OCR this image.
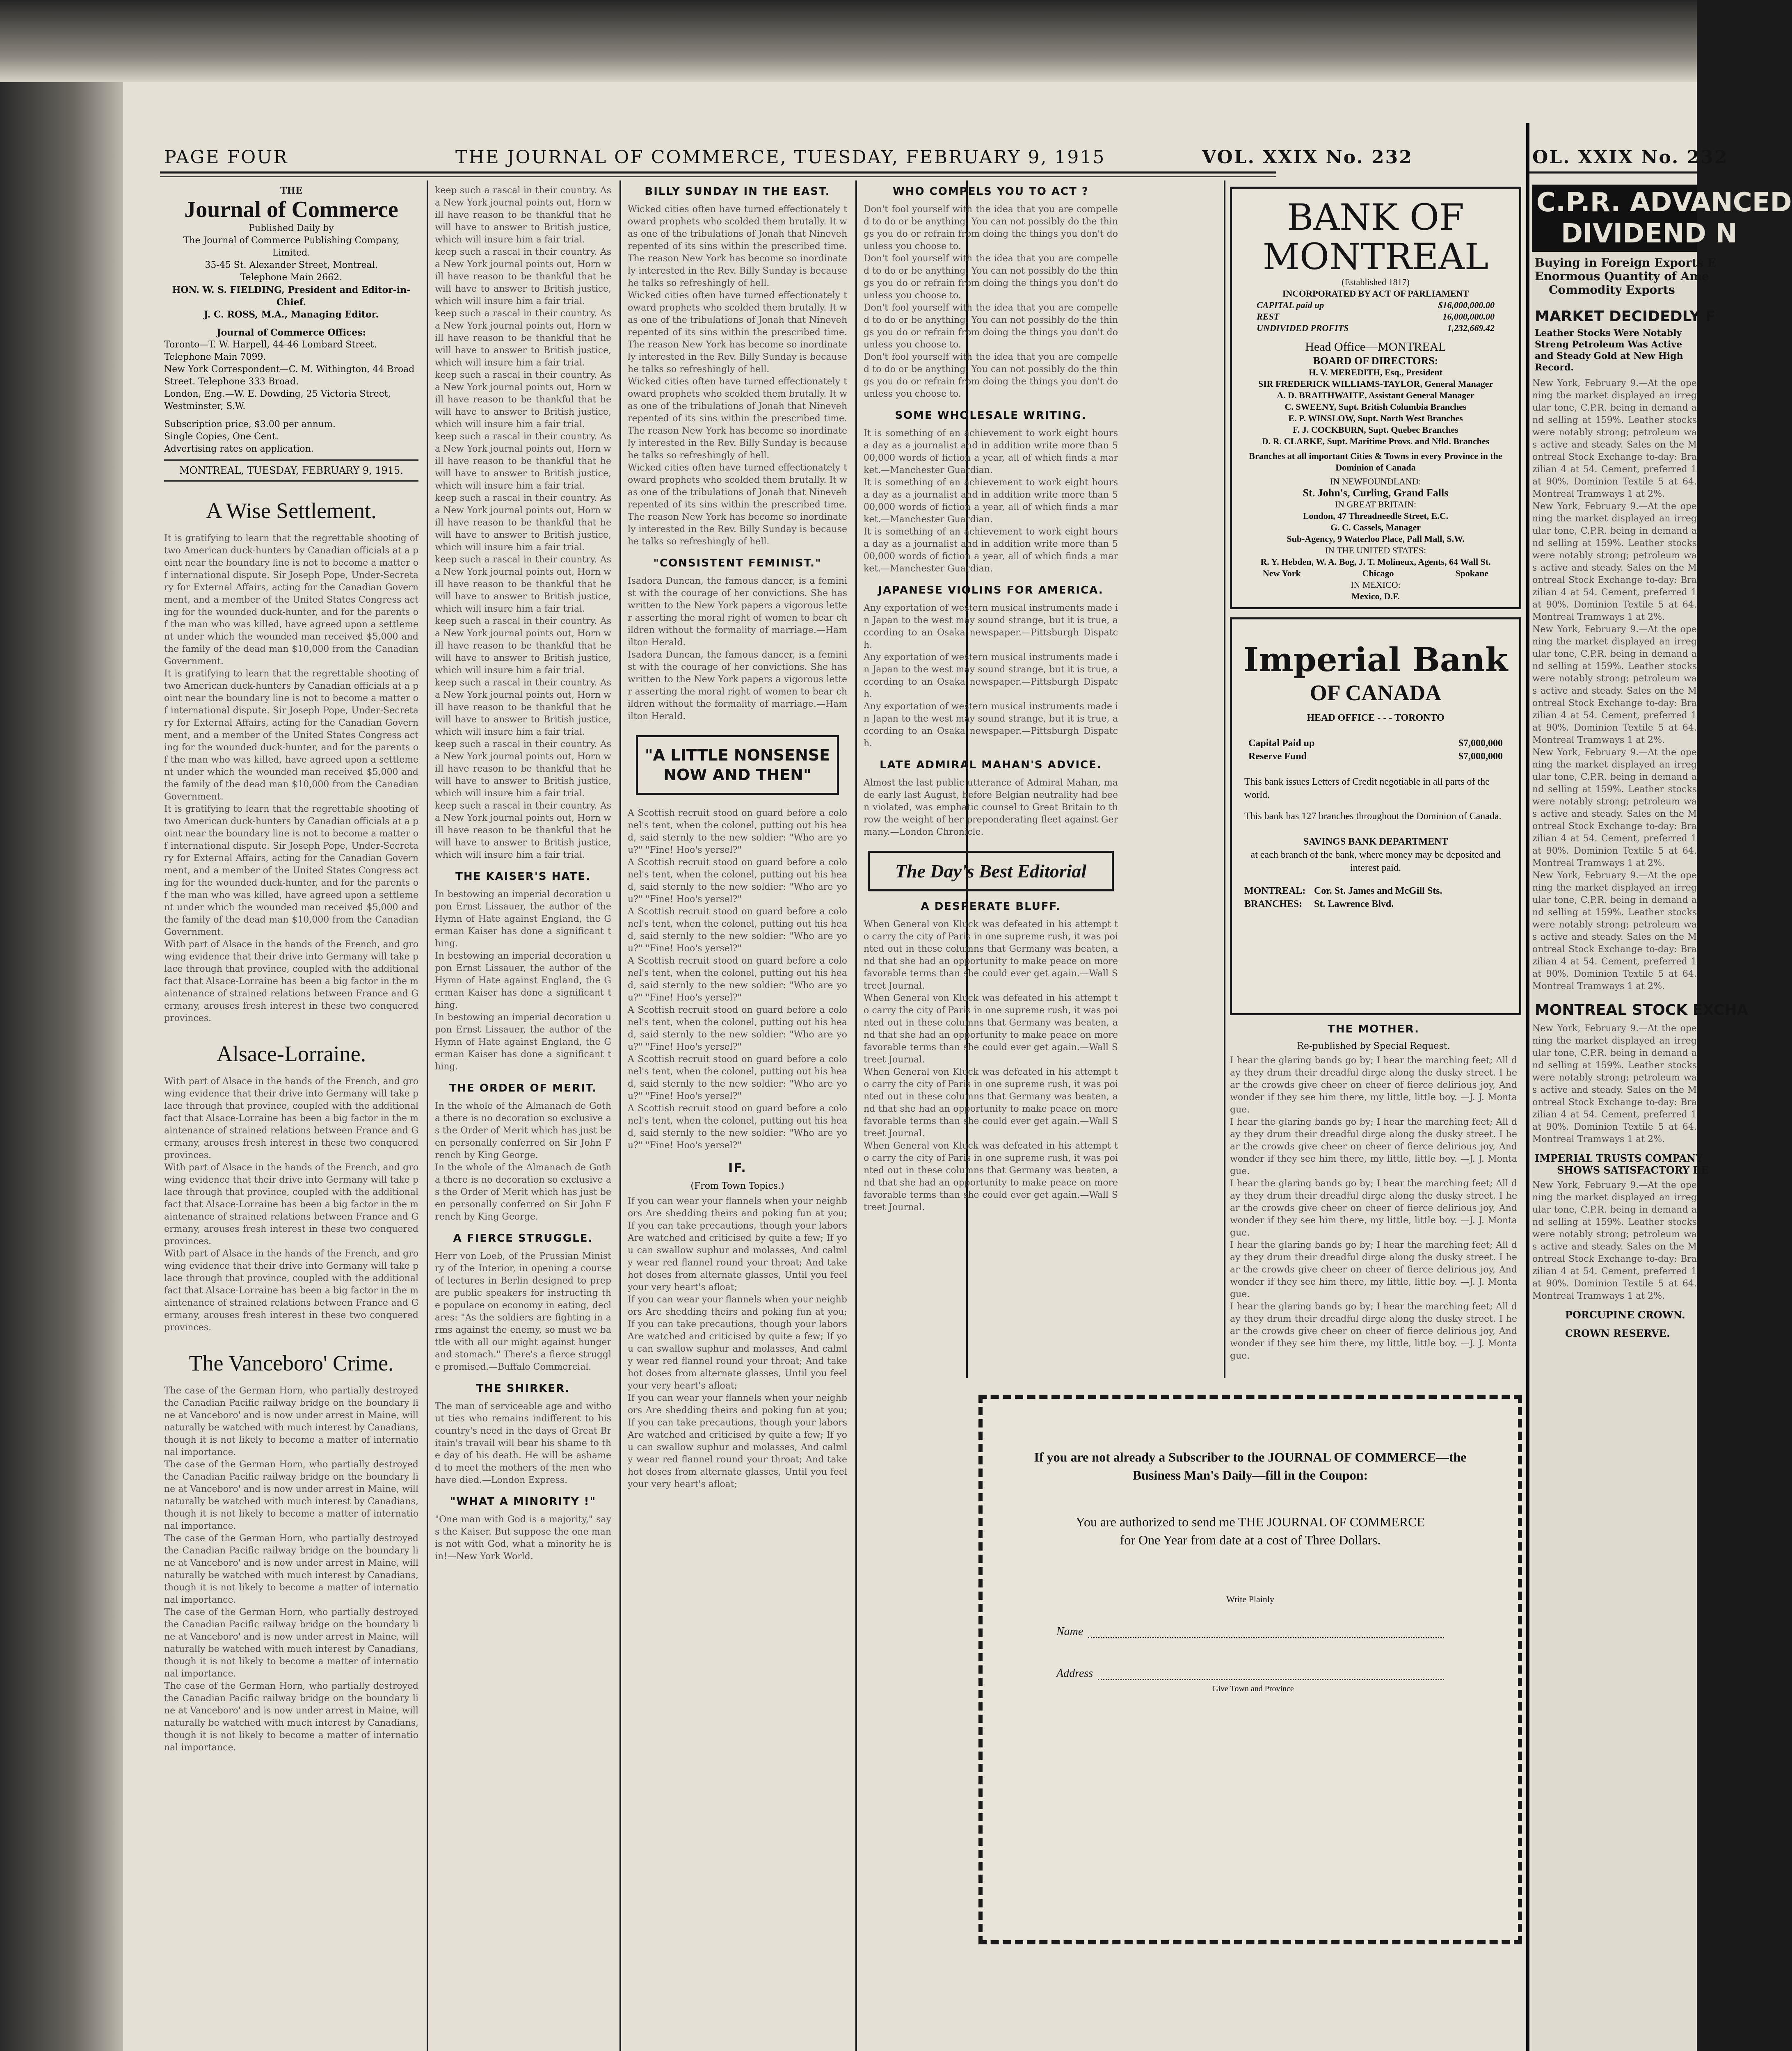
PAGE FOUR	THE JOURNAL OF COMMERCE, TUESDAY, FEBRUARY 9, 1915	VOL. XXIX No. 232	OL. XXIX No. 232

THE

Journal of Commerce

Published Daily by

The Journal of Commerce Publishing Company, Limited.

35-45 St. Alexander Street, Montreal.

Telephone Main 2662.

HON. W. S. FIELDING, President and Editor-in-Chief.

J. C. ROSS, M.A., Managing Editor.

Journal of Commerce Offices:

Toronto—T. W. Harpell, 44-46 Lombard Street. Telephone Main 7099.

New York Correspondent—C. M. Withington, 44 Broad Street. Telephone 333 Broad.

London, Eng.—W. E. Dowding, 25 Victoria Street, Westminster, S.W.

Subscription price, $3.00 per annum.

Single Copies, One Cent.

Advertising rates on application.

MONTREAL, TUESDAY, FEBRUARY 9, 1915.

A Wise Settlement.

It is gratifying to learn that the regrettable shooting of two American duck-hunters by Canadian officials at a point near the boundary line is not to become a matter of international dispute. Sir Joseph Pope, Under-Secretary for External Affairs, acting for the Canadian Government, and a member of the United States Congress acting for the wounded duck-hunter, and for the parents of the man who was killed, have agreed upon a settlement under which the wounded man received $5,000 and the family of the dead man $10,000 from the Canadian Government.

It is gratifying to learn that the regrettable shooting of two American duck-hunters by Canadian officials at a point near the boundary line is not to become a matter of international dispute. Sir Joseph Pope, Under-Secretary for External Affairs, acting for the Canadian Government, and a member of the United States Congress acting for the wounded duck-hunter, and for the parents of the man who was killed, have agreed upon a settlement under which the wounded man received $5,000 and the family of the dead man $10,000 from the Canadian Government.

It is gratifying to learn that the regrettable shooting of two American duck-hunters by Canadian officials at a point near the boundary line is not to become a matter of international dispute. Sir Joseph Pope, Under-Secretary for External Affairs, acting for the Canadian Government, and a member of the United States Congress acting for the wounded duck-hunter, and for the parents of the man who was killed, have agreed upon a settlement under which the wounded man received $5,000 and the family of the dead man $10,000 from the Canadian Government.

With part of Alsace in the hands of the French, and growing evidence that their drive into Germany will take place through that province, coupled with the additional fact that Alsace-Lorraine has been a big factor in the maintenance of strained relations between France and Germany, arouses fresh interest in these two conquered provinces.

Alsace-Lorraine.

With part of Alsace in the hands of the French, and growing evidence that their drive into Germany will take place through that province, coupled with the additional fact that Alsace-Lorraine has been a big factor in the maintenance of strained relations between France and Germany, arouses fresh interest in these two conquered provinces.

With part of Alsace in the hands of the French, and growing evidence that their drive into Germany will take place through that province, coupled with the additional fact that Alsace-Lorraine has been a big factor in the maintenance of strained relations between France and Germany, arouses fresh interest in these two conquered provinces.

With part of Alsace in the hands of the French, and growing evidence that their drive into Germany will take place through that province, coupled with the additional fact that Alsace-Lorraine has been a big factor in the maintenance of strained relations between France and Germany, arouses fresh interest in these two conquered provinces.

The Vanceboro' Crime.

The case of the German Horn, who partially destroyed the Canadian Pacific railway bridge on the boundary line at Vanceboro' and is now under arrest in Maine, will naturally be watched with much interest by Canadians, though it is not likely to become a matter of international importance.

The case of the German Horn, who partially destroyed the Canadian Pacific railway bridge on the boundary line at Vanceboro' and is now under arrest in Maine, will naturally be watched with much interest by Canadians, though it is not likely to become a matter of international importance.

The case of the German Horn, who partially destroyed the Canadian Pacific railway bridge on the boundary line at Vanceboro' and is now under arrest in Maine, will naturally be watched with much interest by Canadians, though it is not likely to become a matter of international importance.

The case of the German Horn, who partially destroyed the Canadian Pacific railway bridge on the boundary line at Vanceboro' and is now under arrest in Maine, will naturally be watched with much interest by Canadians, though it is not likely to become a matter of international importance.

The case of the German Horn, who partially destroyed the Canadian Pacific railway bridge on the boundary line at Vanceboro' and is now under arrest in Maine, will naturally be watched with much interest by Canadians, though it is not likely to become a matter of international importance.

keep such a rascal in their country. As a New York journal points out, Horn will have reason to be thankful that he will have to answer to British justice, which will insure him a fair trial.

keep such a rascal in their country. As a New York journal points out, Horn will have reason to be thankful that he will have to answer to British justice, which will insure him a fair trial.

keep such a rascal in their country. As a New York journal points out, Horn will have reason to be thankful that he will have to answer to British justice, which will insure him a fair trial.

keep such a rascal in their country. As a New York journal points out, Horn will have reason to be thankful that he will have to answer to British justice, which will insure him a fair trial.

keep such a rascal in their country. As a New York journal points out, Horn will have reason to be thankful that he will have to answer to British justice, which will insure him a fair trial.

keep such a rascal in their country. As a New York journal points out, Horn will have reason to be thankful that he will have to answer to British justice, which will insure him a fair trial.

keep such a rascal in their country. As a New York journal points out, Horn will have reason to be thankful that he will have to answer to British justice, which will insure him a fair trial.

keep such a rascal in their country. As a New York journal points out, Horn will have reason to be thankful that he will have to answer to British justice, which will insure him a fair trial.

keep such a rascal in their country. As a New York journal points out, Horn will have reason to be thankful that he will have to answer to British justice, which will insure him a fair trial.

keep such a rascal in their country. As a New York journal points out, Horn will have reason to be thankful that he will have to answer to British justice, which will insure him a fair trial.

keep such a rascal in their country. As a New York journal points out, Horn will have reason to be thankful that he will have to answer to British justice, which will insure him a fair trial.

THE KAISER'S HATE.

In bestowing an imperial decoration upon Ernst Lissauer, the author of the Hymn of Hate against England, the German Kaiser has done a significant thing.

In bestowing an imperial decoration upon Ernst Lissauer, the author of the Hymn of Hate against England, the German Kaiser has done a significant thing.

In bestowing an imperial decoration upon Ernst Lissauer, the author of the Hymn of Hate against England, the German Kaiser has done a significant thing.

THE ORDER OF MERIT.

In the whole of the Almanach de Gotha there is no decoration so exclusive as the Order of Merit which has just been personally conferred on Sir John French by King George.

In the whole of the Almanach de Gotha there is no decoration so exclusive as the Order of Merit which has just been personally conferred on Sir John French by King George.

A FIERCE STRUGGLE.

Herr von Loeb, of the Prussian Ministry of the Interior, in opening a course of lectures in Berlin designed to prepare public speakers for instructing the populace on economy in eating, declares: "As the soldiers are fighting in arms against the enemy, so must we battle with all our might against hunger and stomach." There's a fierce struggle promised.—Buffalo Commercial.

THE SHIRKER.

The man of serviceable age and without ties who remains indifferent to his country's need in the days of Great Britain's travail will bear his shame to the day of his death. He will be ashamed to meet the mothers of the men who have died.—London Express.

"WHAT A MINORITY !"

"One man with God is a majority," says the Kaiser. But suppose the one man is not with God, what a minority he is in!—New York World.

BILLY SUNDAY IN THE EAST.

Wicked cities often have turned effectionately toward prophets who scolded them brutally. It was one of the tribulations of Jonah that Nineveh repented of its sins within the prescribed time. The reason New York has become so inordinately interested in the Rev. Billy Sunday is because he talks so refreshingly of hell.

Wicked cities often have turned effectionately toward prophets who scolded them brutally. It was one of the tribulations of Jonah that Nineveh repented of its sins within the prescribed time. The reason New York has become so inordinately interested in the Rev. Billy Sunday is because he talks so refreshingly of hell.

Wicked cities often have turned effectionately toward prophets who scolded them brutally. It was one of the tribulations of Jonah that Nineveh repented of its sins within the prescribed time. The reason New York has become so inordinately interested in the Rev. Billy Sunday is because he talks so refreshingly of hell.

Wicked cities often have turned effectionately toward prophets who scolded them brutally. It was one of the tribulations of Jonah that Nineveh repented of its sins within the prescribed time. The reason New York has become so inordinately interested in the Rev. Billy Sunday is because he talks so refreshingly of hell.

"CONSISTENT FEMINIST."

Isadora Duncan, the famous dancer, is a feminist with the courage of her convictions. She has written to the New York papers a vigorous letter asserting the moral right of women to bear children without the formality of marriage.—Hamilton Herald.

Isadora Duncan, the famous dancer, is a feminist with the courage of her convictions. She has written to the New York papers a vigorous letter asserting the moral right of women to bear children without the formality of marriage.—Hamilton Herald.

"A LITTLE NONSENSE NOW AND THEN"

A Scottish recruit stood on guard before a colonel's tent, when the colonel, putting out his head, said sternly to the new soldier: "Who are you?" "Fine! Hoo's yersel?"

A Scottish recruit stood on guard before a colonel's tent, when the colonel, putting out his head, said sternly to the new soldier: "Who are you?" "Fine! Hoo's yersel?"

A Scottish recruit stood on guard before a colonel's tent, when the colonel, putting out his head, said sternly to the new soldier: "Who are you?" "Fine! Hoo's yersel?"

A Scottish recruit stood on guard before a colonel's tent, when the colonel, putting out his head, said sternly to the new soldier: "Who are you?" "Fine! Hoo's yersel?"

A Scottish recruit stood on guard before a colonel's tent, when the colonel, putting out his head, said sternly to the new soldier: "Who are you?" "Fine! Hoo's yersel?"

A Scottish recruit stood on guard before a colonel's tent, when the colonel, putting out his head, said sternly to the new soldier: "Who are you?" "Fine! Hoo's yersel?"

A Scottish recruit stood on guard before a colonel's tent, when the colonel, putting out his head, said sternly to the new soldier: "Who are you?" "Fine! Hoo's yersel?"

IF.

(From Town Topics.)

If you can wear your flannels when your neighbors Are shedding theirs and poking fun at you; If you can take precautions, though your labors Are watched and criticised by quite a few; If you can swallow suphur and molasses, And calmly wear red flannel round your throat; And take hot doses from alternate glasses, Until you feel your very heart's afloat;

If you can wear your flannels when your neighbors Are shedding theirs and poking fun at you; If you can take precautions, though your labors Are watched and criticised by quite a few; If you can swallow suphur and molasses, And calmly wear red flannel round your throat; And take hot doses from alternate glasses, Until you feel your very heart's afloat;

If you can wear your flannels when your neighbors Are shedding theirs and poking fun at you; If you can take precautions, though your labors Are watched and criticised by quite a few; If you can swallow suphur and molasses, And calmly wear red flannel round your throat; And take hot doses from alternate glasses, Until you feel your very heart's afloat;

WHO COMPELS YOU TO ACT ?

Don't fool yourself with the idea that you are compelled to do or be anything. You can not possibly do the things you do or refrain from doing the things you don't do unless you choose to.

Don't fool yourself with the idea that you are compelled to do or be anything. You can not possibly do the things you do or refrain from doing the things you don't do unless you choose to.

Don't fool yourself with the idea that you are compelled to do or be anything. You can not possibly do the things you do or refrain from doing the things you don't do unless you choose to.

Don't fool yourself with the idea that you are compelled to do or be anything. You can not possibly do the things you do or refrain from doing the things you don't do unless you choose to.

SOME WHOLESALE WRITING.

It is something of an achievement to work eight hours a day as a journalist and in addition write more than 500,000 words of fiction a year, all of which finds a market.—Manchester Guardian.

It is something of an achievement to work eight hours a day as a journalist and in addition write more than 500,000 words of fiction a year, all of which finds a market.—Manchester Guardian.

It is something of an achievement to work eight hours a day as a journalist and in addition write more than 500,000 words of fiction a year, all of which finds a market.—Manchester Guardian.

JAPANESE VIOLINS FOR AMERICA.

Any exportation of western musical instruments made in Japan to the west may sound strange, but it is true, according to an Osaka newspaper.—Pittsburgh Dispatch.

Any exportation of western musical instruments made in Japan to the west may sound strange, but it is true, according to an Osaka newspaper.—Pittsburgh Dispatch.

Any exportation of western musical instruments made in Japan to the west may sound strange, but it is true, according to an Osaka newspaper.—Pittsburgh Dispatch.

LATE ADMIRAL MAHAN'S ADVICE.

Almost the last public utterance of Admiral Mahan, made early last August, before Belgian neutrality had been violated, was emphatic counsel to Great Britain to throw the weight of her preponderating fleet against Germany.—London Chronicle.

The Day's Best Editorial

A DESPERATE BLUFF.

When General von Kluck was defeated in his attempt to carry the city of Paris in one supreme rush, it was pointed out in these columns that Germany was beaten, and that she had an opportunity to make peace on more favorable terms than she could ever get again.—Wall Street Journal.

When General von Kluck was defeated in his attempt to carry the city of Paris in one supreme rush, it was pointed out in these columns that Germany was beaten, and that she had an opportunity to make peace on more favorable terms than she could ever get again.—Wall Street Journal.

When General von Kluck was defeated in his attempt to carry the city of Paris in one supreme rush, it was pointed out in these columns that Germany was beaten, and that she had an opportunity to make peace on more favorable terms than she could ever get again.—Wall Street Journal.

When General von Kluck was defeated in his attempt to carry the city of Paris in one supreme rush, it was pointed out in these columns that Germany was beaten, and that she had an opportunity to make peace on more favorable terms than she could ever get again.—Wall Street Journal.

BANK OF

MONTREAL

(Established 1817)

INCORPORATED BY ACT OF PARLIAMENT

CAPITAL paid up	$16,000,000.00
REST	16,000,000.00
UNDIVIDED PROFITS	1,232,669.42

Head Office—MONTREAL

BOARD OF DIRECTORS:

H. V. MEREDITH, Esq., President

SIR FREDERICK WILLIAMS-TAYLOR, General Manager

A. D. BRAITHWAITE, Assistant General Manager

C. SWEENY, Supt. British Columbia Branches

E. P. WINSLOW, Supt. North West Branches

F. J. COCKBURN, Supt. Quebec Branches

D. R. CLARKE, Supt. Maritime Provs. and Nfld. Branches

Branches at all important Cities & Towns in every Province in the Dominion of Canada

IN NEWFOUNDLAND:

St. John's, Curling, Grand Falls

IN GREAT BRITAIN:

London, 47 Threadneedle Street, E.C.

G. C. Cassels, Manager

Sub-Agency, 9 Waterloo Place, Pall Mall, S.W.

IN THE UNITED STATES:

R. Y. Hebden, W. A. Bog, J. T. Molineux, Agents, 64 Wall St.

New York	Chicago	Spokane

IN MEXICO:

Mexico, D.F.

Imperial Bank

OF CANADA

HEAD OFFICE - - - TORONTO

Capital Paid up	$7,000,000
Reserve Fund	$7,000,000

This bank issues Letters of Credit negotiable in all parts of the world.

This bank has 127 branches throughout the Dominion of Canada.

SAVINGS BANK DEPARTMENT

at each branch of the bank, where money may be deposited and interest paid.

MONTREAL: Cor. St. James and McGill Sts.
BRANCHES:	St. Lawrence Blvd.
THE MOTHER.

Re-published by Special Request.

I hear the glaring bands go by; I hear the marching feet; All day they drum their dreadful dirge along the dusky street. I hear the crowds give cheer on cheer of fierce delirious joy, And wonder if they see him there, my little, little boy. —J. J. Montague.

I hear the glaring bands go by; I hear the marching feet; All day they drum their dreadful dirge along the dusky street. I hear the crowds give cheer on cheer of fierce delirious joy, And wonder if they see him there, my little, little boy. —J. J. Montague.

I hear the glaring bands go by; I hear the marching feet; All day they drum their dreadful dirge along the dusky street. I hear the crowds give cheer on cheer of fierce delirious joy, And wonder if they see him there, my little, little boy. —J. J. Montague.

I hear the glaring bands go by; I hear the marching feet; All day they drum their dreadful dirge along the dusky street. I hear the crowds give cheer on cheer of fierce delirious joy, And wonder if they see him there, my little, little boy. —J. J. Montague.

I hear the glaring bands go by; I hear the marching feet; All day they drum their dreadful dirge along the dusky street. I hear the crowds give cheer on cheer of fierce delirious joy, And wonder if they see him there, my little, little boy. —J. J. Montague.

If you are not already a Subscriber to the JOURNAL OF COMMERCE—the

Business Man's Daily—fill in the Coupon:

You are authorized to send me THE JOURNAL OF COMMERCE

for One Year from date at a cost of Three Dollars.

Write Plainly

Name
Address

Give Town and Province

C.P.R. ADVANCED
DIVIDEND N

Buying in Foreign Exports E

Enormous Quantity of Ame

Commodity Exports

MARKET DECIDEDLY F

Leather Stocks Were Notably Streng Petroleum Was Active and Steady Gold at New High Record.

New York, February 9.—At the opening the market displayed an irregular tone, C.P.R. being in demand and selling at 159%. Leather stocks were notably strong; petroleum was active and steady. Sales on the Montreal Stock Exchange to-day: Brazilian 4 at 54. Cement, preferred 1 at 90%. Dominion Textile 5 at 64. Montreal Tramways 1 at 2%.

New York, February 9.—At the opening the market displayed an irregular tone, C.P.R. being in demand and selling at 159%. Leather stocks were notably strong; petroleum was active and steady. Sales on the Montreal Stock Exchange to-day: Brazilian 4 at 54. Cement, preferred 1 at 90%. Dominion Textile 5 at 64. Montreal Tramways 1 at 2%.

New York, February 9.—At the opening the market displayed an irregular tone, C.P.R. being in demand and selling at 159%. Leather stocks were notably strong; petroleum was active and steady. Sales on the Montreal Stock Exchange to-day: Brazilian 4 at 54. Cement, preferred 1 at 90%. Dominion Textile 5 at 64. Montreal Tramways 1 at 2%.

New York, February 9.—At the opening the market displayed an irregular tone, C.P.R. being in demand and selling at 159%. Leather stocks were notably strong; petroleum was active and steady. Sales on the Montreal Stock Exchange to-day: Brazilian 4 at 54. Cement, preferred 1 at 90%. Dominion Textile 5 at 64. Montreal Tramways 1 at 2%.

New York, February 9.—At the opening the market displayed an irregular tone, C.P.R. being in demand and selling at 159%. Leather stocks were notably strong; petroleum was active and steady. Sales on the Montreal Stock Exchange to-day: Brazilian 4 at 54. Cement, preferred 1 at 90%. Dominion Textile 5 at 64. Montreal Tramways 1 at 2%.

MONTREAL STOCK EXCHA

New York, February 9.—At the opening the market displayed an irregular tone, C.P.R. being in demand and selling at 159%. Leather stocks were notably strong; petroleum was active and steady. Sales on the Montreal Stock Exchange to-day: Brazilian 4 at 54. Cement, preferred 1 at 90%. Dominion Textile 5 at 64. Montreal Tramways 1 at 2%.

IMPERIAL TRUSTS COMPANY

SHOWS SATISFACTORY RE

New York, February 9.—At the opening the market displayed an irregular tone, C.P.R. being in demand and selling at 159%. Leather stocks were notably strong; petroleum was active and steady. Sales on the Montreal Stock Exchange to-day: Brazilian 4 at 54. Cement, preferred 1 at 90%. Dominion Textile 5 at 64. Montreal Tramways 1 at 2%.

PORCUPINE CROWN.

CROWN RESERVE.
